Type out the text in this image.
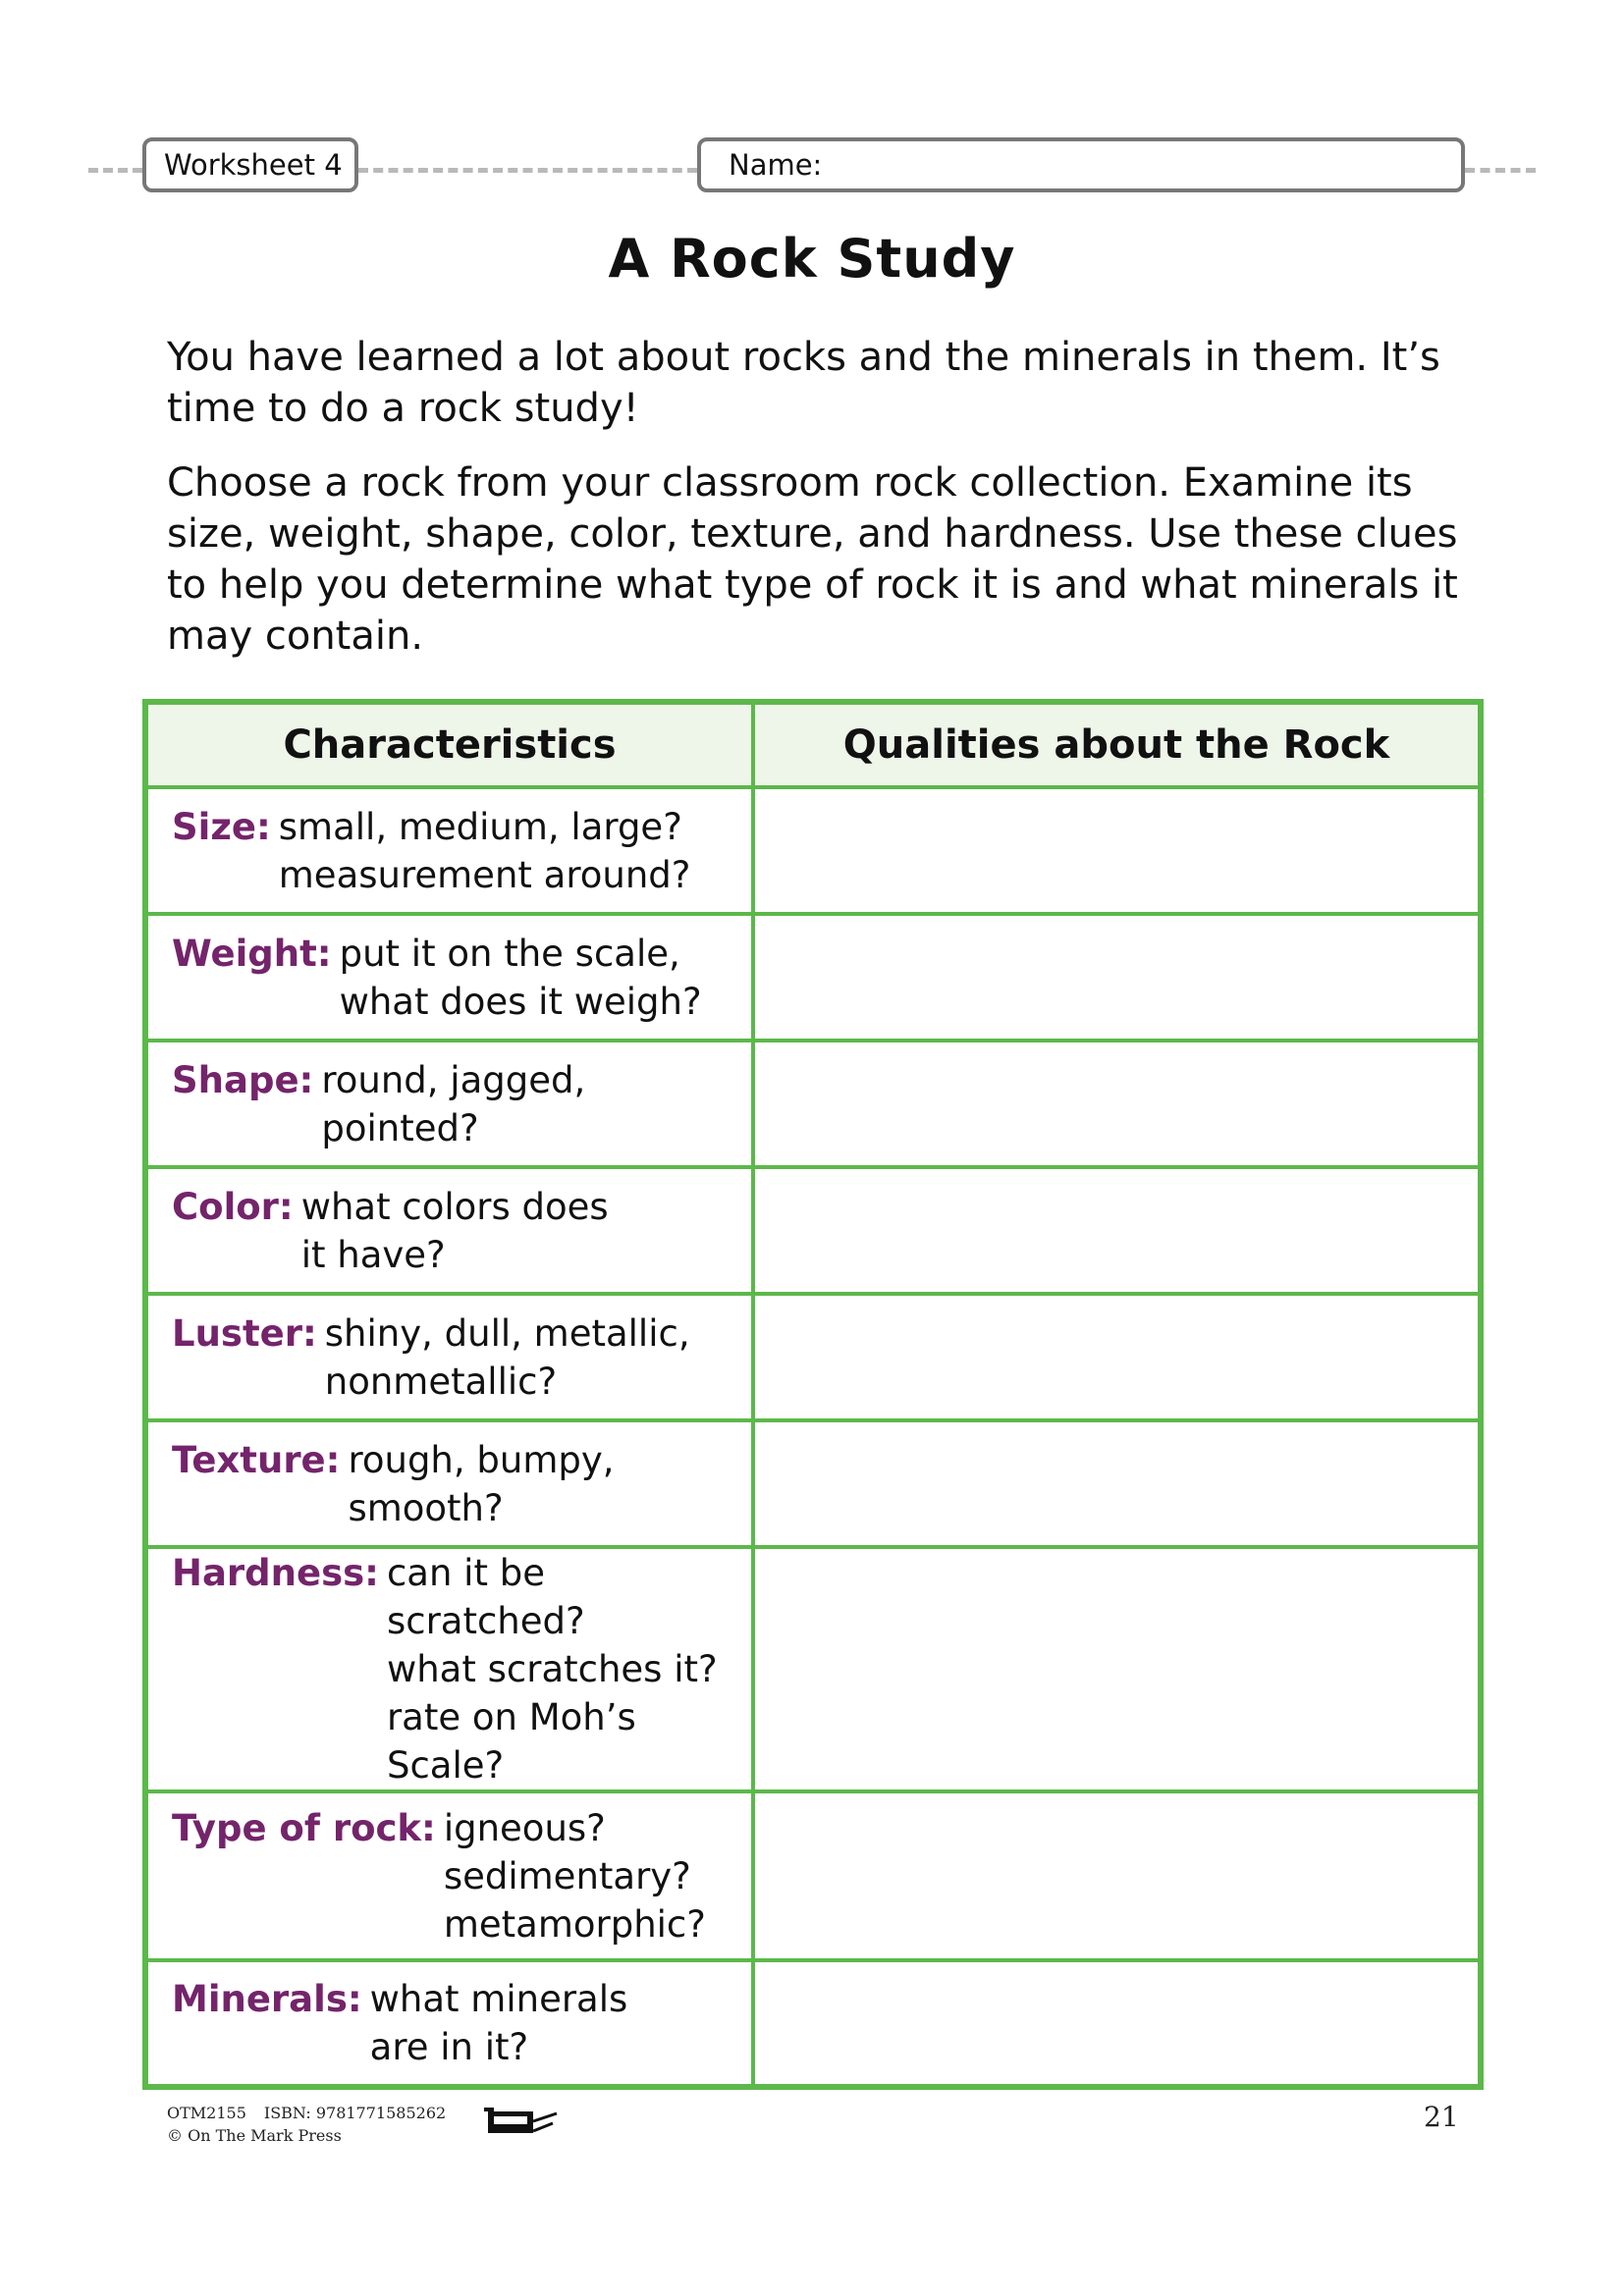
Worksheet 4	Name:
A Rock Study

You have learned a lot about rocks and the minerals in them. It’s time to do a rock study!

Choose a rock from your classroom rock collection. Examine its size, weight, shape, color, texture, and hardness. Use these clues to help you determine what type of rock it is and what minerals it may contain.

Characteristics	Qualities about the Rock

Size: small, medium, large?
measurement around?	

Weight: put it on the scale,
what does it weigh?	

Shape: round, jagged,
pointed?	

Color: what colors does
it have?	

Luster: shiny, dull, metallic,
nonmetallic?	

Texture: rough, bumpy,
smooth?	

Hardness: can it be scratched?
what scratches it?
rate on Moh’s Scale?	

Type of rock: igneous?
sedimentary?
metamorphic?	

Minerals: what minerals
are in it?	

OTM2155 ISBN: 9781771585262
© On The Mark Press
21
